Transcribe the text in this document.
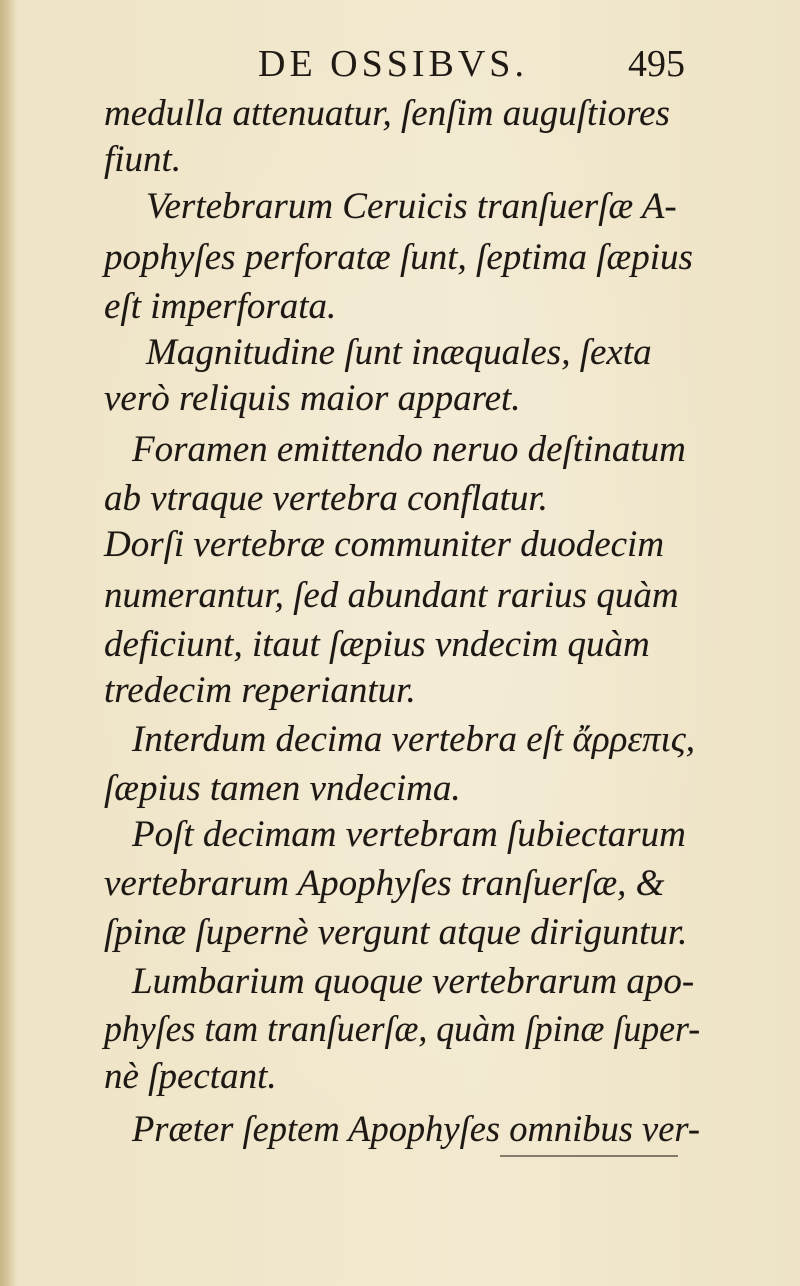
DE OSSIBVS.	495
medulla attenuatur, ſenſim auguſtiores
fiunt.
Vertebrarum Ceruicis tranſuerſæ A-
pophyſes perforatæ ſunt, ſeptima ſæpius
eſt imperforata.
Magnitudine ſunt inæquales, ſexta
verò reliquis maior apparet.
Foramen emittendo neruo deſtinatum
ab vtraque vertebra conflatur.
Dorſi vertebræ communiter duodecim
numerantur, ſed abundant rarius quàm
deficiunt, itaut ſæpius vndecim quàm
tredecim reperiantur.
Interdum decima vertebra eſt ἄρρεπις,
ſæpius tamen vndecima.
Poſt decimam vertebram ſubiectarum
vertebrarum Apophyſes tranſuerſæ, &
ſpinæ ſupernè vergunt atque diriguntur.
Lumbarium quoque vertebrarum apo-
phyſes tam tranſuerſæ, quàm ſpinæ ſuper-
nè ſpectant.
Præter ſeptem Apophyſes omnibus ver-
